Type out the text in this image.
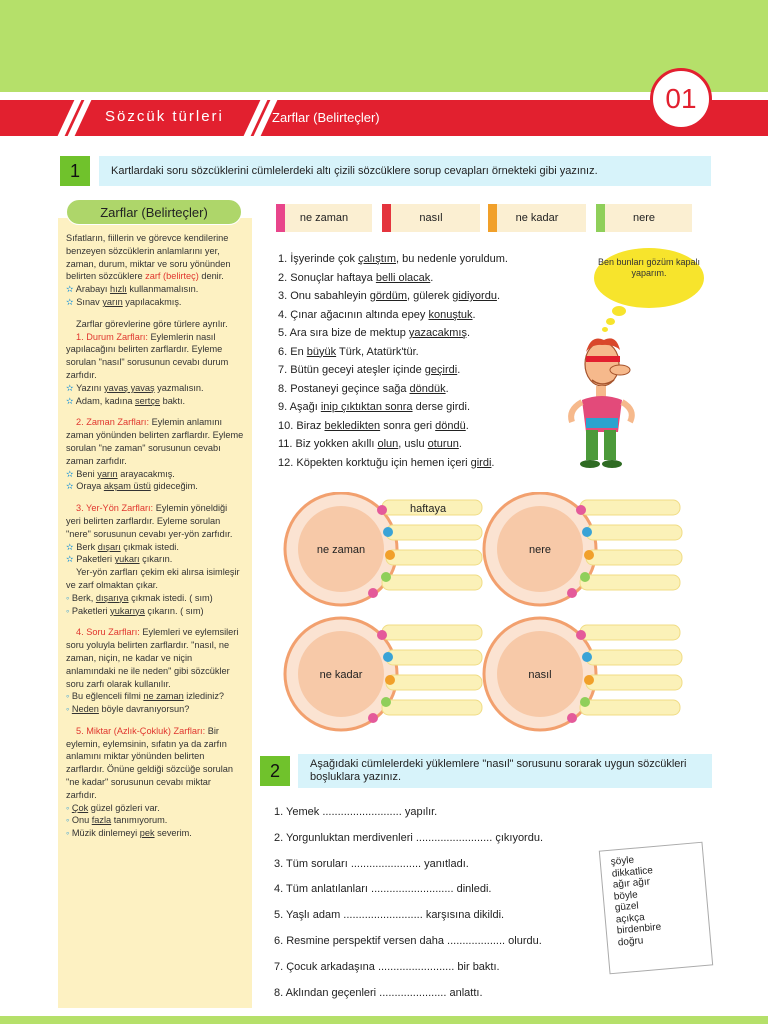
Sözcük türleri	Zarflar (Belirteçler)
01
1	Kartlardaki soru sözcüklerini cümlelerdeki altı çizili sözcüklere sorup cevapları örnekteki gibi yazınız.

Sıfatların, fiillerin ve görevce kendilerine benzeyen sözcüklerin anlamlarını yer, zaman, durum, miktar ve soru yönünden belirten sözcüklere zarf (belirteç) denir.

✫ Arabayı hızlı kullanmamalısın.

✫ Sınav yarın yapılacakmış.

Zarflar görevlerine göre türlere ayrılır.

1. Durum Zarfları: Eylemlerin nasıl yapılacağını belirten zarflardır. Eyleme sorulan "nasıl" sorusunun cevabı durum zarfıdır.

✫ Yazını yavaş yavaş yazmalısın.

✫ Adam, kadına sertçe baktı.

2. Zaman Zarfları: Eylemin anlamını zaman yönünden belirten zarflardır. Eyleme sorulan "ne zaman" sorusunun cevabı zaman zarfıdır.

✫ Beni yarın arayacakmış.

✫ Oraya akşam üstü gideceğim.

3. Yer-Yön Zarfları: Eylemin yöneldiği yeri belirten zarflardır. Eyleme sorulan "nere" sorusunun cevabı yer-yön zarfıdır.

✫ Berk dışarı çıkmak istedi.

✫ Paketleri yukarı çıkarın.

Yer-yön zarfları çekim eki alırsa isimleşir ve zarf olmaktan çıkar.

◦ Berk, dışarıya çıkmak istedi. ( sım)

◦ Paketleri yukarıya çıkarın. ( sım)

4. Soru Zarfları: Eylemleri ve eylemsileri soru yoluyla belirten zarflardır. "nasıl, ne zaman, niçin, ne kadar ve niçin anlamındaki ne ile neden" gibi sözcükler soru zarfı olarak kullanılır.

◦ Bu eğlenceli filmi ne zaman izlediniz?

◦ Neden böyle davranıyorsun?

5. Miktar (Azlık-Çokluk) Zarfları: Bir eylemin, eylemsinin, sıfatın ya da zarfın anlamını miktar yönünden belirten zarflardır. Önüne geldiği sözcüğe sorulan "ne kadar" sorusunun cevabı miktar zarfıdır.

◦ Çok güzel gözleri var.

◦ Onu fazla tanımıyorum.

◦ Müzik dinlemeyi pek severim.

Zarflar (Belirteçler)	ne zaman	nasıl	ne kadar	nere
1. İşyerinde çok çalıştım, bu nedenle yoruldum.
2. Sonuçlar haftaya belli olacak.
3. Onu sabahleyin gördüm, gülerek gidiyordu.
4. Çınar ağacının altında epey konuştuk.
5. Ara sıra bize de mektup yazacakmış.
6. En büyük Türk, Atatürk'tür.
7. Bütün geceyi ateşler içinde geçirdi.
8. Postaneyi geçince sağa döndük.
9. Aşağı inip çıktıktan sonra derse girdi.
10. Biraz bekledikten sonra geri döndü.
11. Biz yokken akıllı olun, uslu oturun.
12. Köpekten korktuğu için hemen içeri girdi.
Ben bunları gözüm kapalı yaparım.
ne zaman
haftaya
nere
ne kadar	nasıl
2	Aşağıdaki cümlelerdeki yüklemlere "nasıl" sorusunu sorarak uygun sözcükleri boşluklara yazınız.
1. Yemek .......................... yapılır.
2. Yorgunluktan merdivenleri ......................... çıkıyordu.
3. Tüm soruları ....................... yanıtladı.
4. Tüm anlatılanları ........................... dinledi.
5. Yaşlı adam .......................... karşısına dikildi.
6. Resmine perspektif versen daha ................... olurdu.
7. Çocuk arkadaşına ......................... bir baktı.
8. Aklından geçenleri ...................... anlattı.
şöyle
dikkatlice
ağır ağır
böyle
güzel
açıkça
birdenbire
doğru
